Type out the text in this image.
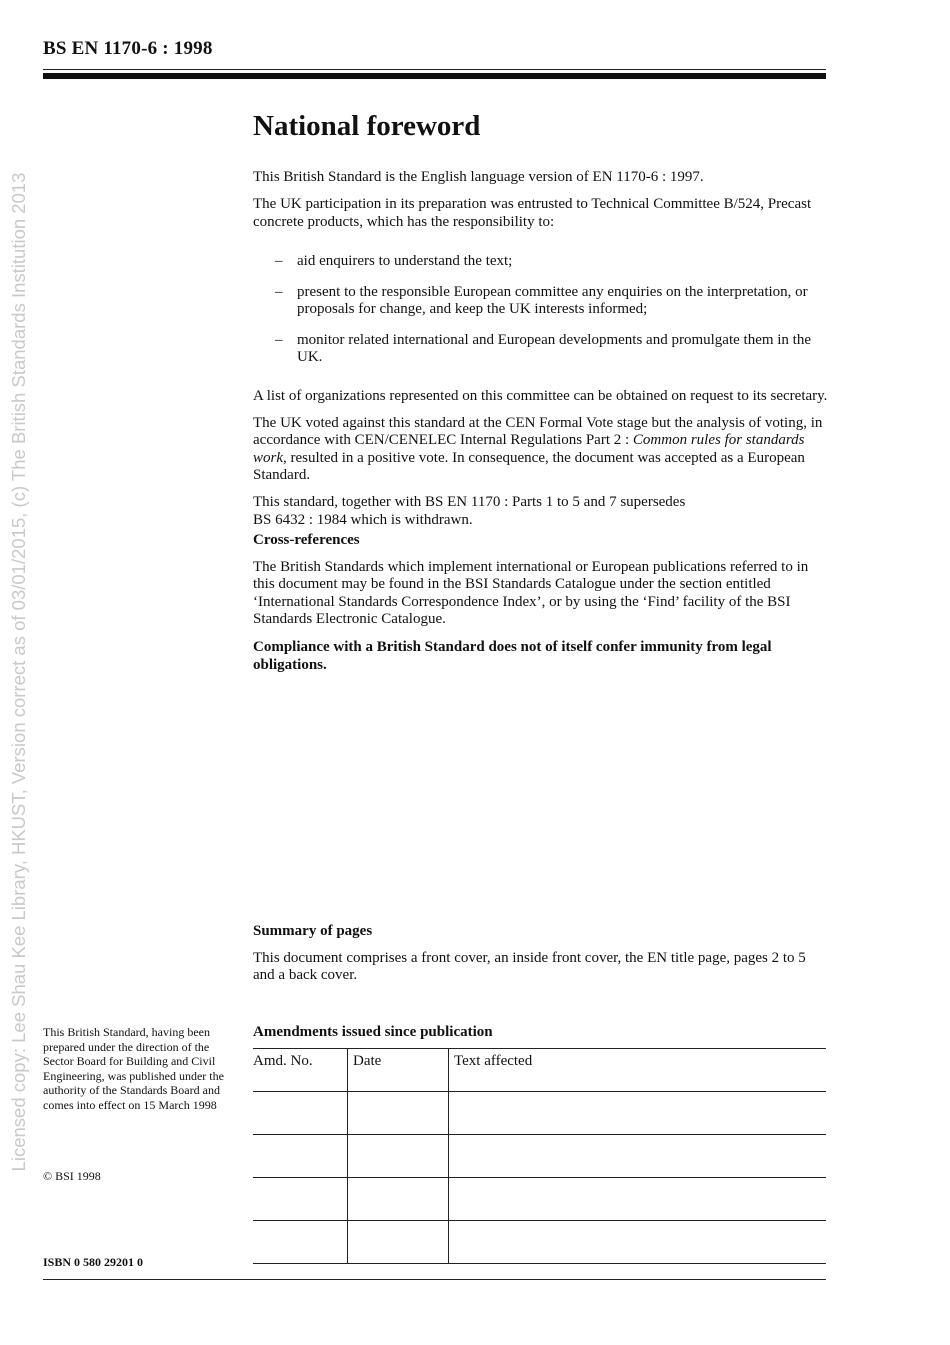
BS EN 1170-6 : 1998
Licensed copy: Lee Shau Kee Library, HKUST, Version correct as of 03/01/2015, (c) The British Standards Institution 2013
National foreword

This British Standard is the English language version of EN 1170-6 : 1997.

The UK participation in its preparation was entrusted to Technical Committee B/524, Precast concrete products, which has the responsibility to:

– aid enquirers to understand the text;
– present to the responsible European committee any enquiries on the interpretation, or proposals for change, and keep the UK interests informed;
– monitor related international and European developments and promulgate them in the UK.

A list of organizations represented on this committee can be obtained on request to its secretary.

The UK voted against this standard at the CEN Formal Vote stage but the analysis of voting, in accordance with CEN/CENELEC Internal Regulations Part 2 : Common rules for standards work, resulted in a positive vote. In consequence, the document was accepted as a European Standard.

This standard, together with BS EN 1170 : Parts 1 to 5 and 7 supersedes
BS 6432 : 1984 which is withdrawn.

Cross-references

The British Standards which implement international or European publications referred to in this document may be found in the BSI Standards Catalogue under the section entitled ‘International Standards Correspondence Index’, or by using the ‘Find’ facility of the BSI Standards Electronic Catalogue.

Compliance with a British Standard does not of itself confer immunity from legal obligations.

Summary of pages

This document comprises a front cover, an inside front cover, the EN title page, pages 2 to 5 and a back cover.

Amendments issued since publication
Amd. No.	Date	Text affected

This British Standard, having been prepared under the direction of the Sector Board for Building and Civil Engineering, was published under the authority of the Standards Board and comes into effect on 15 March 1998
© BSI 1998
ISBN 0 580 29201 0
